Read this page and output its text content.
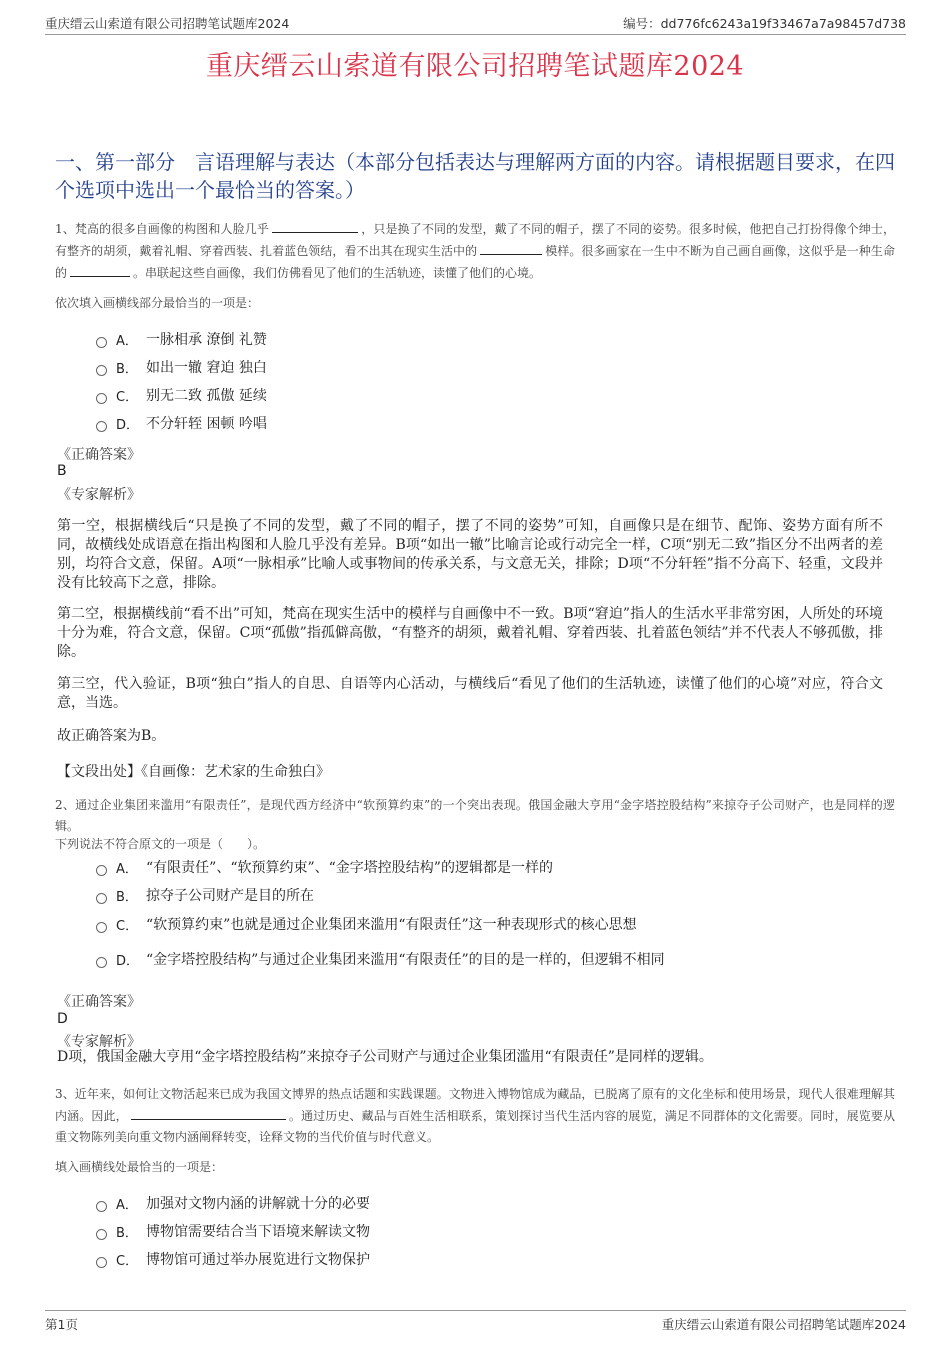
重庆缙云山索道有限公司招聘笔试题库2024	编号：dd776fc6243a19f33467a7a98457d738
重庆缙云山索道有限公司招聘笔试题库2024
一、第一部分　言语理解与表达（本部分包括表达与理解两方面的内容。请根据题目要求，在四个选项中选出一个最恰当的答案。）
1、梵高的很多自画像的构图和人脸几乎	，只是换了不同的发型，戴了不同的帽子，摆了不同的姿势。很多时候，他把自己打扮得像个绅士，有整齐的胡须，戴着礼帽、穿着西装、扎着蓝色领结，看不出其在现实生活中的	模样。很多画家在一生中不断为自己画自画像，这似乎是一种生命的	。串联起这些自画像，我们仿佛看见了他们的生活轨迹，读懂了他们的心境。
依次填入画横线部分最恰当的一项是：
A． 一脉相承 潦倒 礼赞
B． 如出一辙 窘迫 独白
C． 别无二致 孤傲 延续
D． 不分轩轾 困顿 吟唱
《正确答案》
B
《专家解析》
第一空，根据横线后“只是换了不同的发型，戴了不同的帽子，摆了不同的姿势”可知，自画像只是在细节、配饰、姿势方面有所不同，故横线处成语意在指出构图和人脸几乎没有差异。B项“如出一辙”比喻言论或行动完全一样，C项“别无二致”指区分不出两者的差别，均符合文意，保留。A项“一脉相承”比喻人或事物间的传承关系，与文意无关，排除；D项“不分轩轾”指不分高下、轻重，文段并没有比较高下之意，排除。
第二空，根据横线前“看不出”可知，梵高在现实生活中的模样与自画像中不一致。B项“窘迫”指人的生活水平非常穷困，人所处的环境十分为难，符合文意，保留。C项“孤傲”指孤僻高傲，“有整齐的胡须，戴着礼帽、穿着西装、扎着蓝色领结”并不代表人不够孤傲，排除。
第三空，代入验证，B项“独白”指人的自思、自语等内心活动，与横线后“看见了他们的生活轨迹，读懂了他们的心境”对应，符合文意，当选。
故正确答案为B。
【文段出处】《自画像：艺术家的生命独白》
2、通过企业集团来滥用“有限责任”，是现代西方经济中“软预算约束”的一个突出表现。俄国金融大亨用“金字塔控股结构”来掠夺子公司财产，也是同样的逻辑。
下列说法不符合原文的一项是（　　）。
A． “有限责任”、“软预算约束”、“金字塔控股结构”的逻辑都是一样的
B． 掠夺子公司财产是目的所在
C． “软预算约束”也就是通过企业集团来滥用“有限责任”这一种表现形式的核心思想
D． “金字塔控股结构”与通过企业集团来滥用“有限责任”的目的是一样的，但逻辑不相同
《正确答案》
D
《专家解析》
D项，俄国金融大亨用“金字塔控股结构”来掠夺子公司财产与通过企业集团滥用“有限责任”是同样的逻辑。
3、近年来，如何让文物活起来已成为我国文博界的热点话题和实践课题。文物进入博物馆成为藏品，已脱离了原有的文化坐标和使用场景，现代人很难理解其内涵。因此，	。通过历史、藏品与百姓生活相联系，策划探讨当代生活内容的展览，满足不同群体的文化需要。同时，展览要从重文物陈列美向重文物内涵阐释转变，诠释文物的当代价值与时代意义。
填入画横线处最恰当的一项是：
A． 加强对文物内涵的讲解就十分的必要
B． 博物馆需要结合当下语境来解读文物
C． 博物馆可通过举办展览进行文物保护
第1页	重庆缙云山索道有限公司招聘笔试题库2024
